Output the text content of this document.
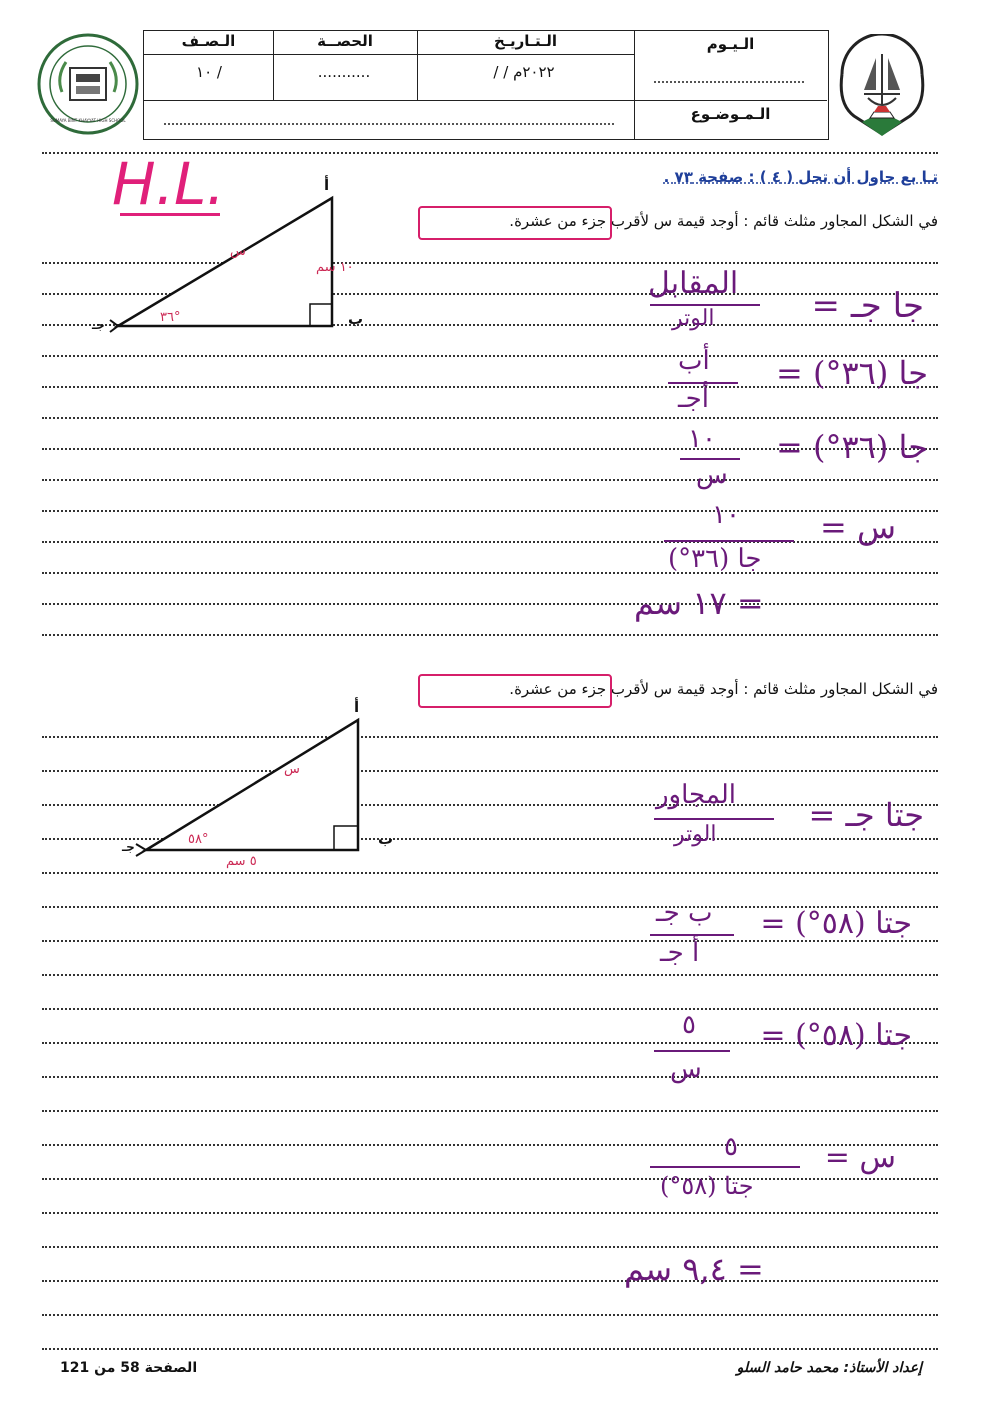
SUMAYA BINT KHAYYAT HIGH SCHOOL
الـصـف	الحصــة	الـتـاريـخ	الـيـوم
١٠ /	...........	/ / ٢٠٢٢م
الـمـوضـوع
H.L.	تـا بع حاول أن تحل ( ٤ ) : صفحة ٧٣ .
في الشكل المجاور مثلث قائم : أوجد قيمة س لأقرب جزء من عشرة.
أ
ب
جـ
س
١٠ سم
٣٦°	جا جـ =
المقابل
الوتر
جا (٣٦°) =
أب
أجـ
جا (٣٦°) =
١٠
س
س =
١٠
جا (٣٦°)
= ١٧ سم
في الشكل المجاور مثلث قائم : أوجد قيمة س لأقرب جزء من عشرة.
أ
ب
جـ
س
٥ سم
٥٨°
جتا جـ =
المجاور
الوتر
جتا (٥٨°) =
ب جـ
أ جـ
جتا (٥٨°) =
٥
س
س =
٥
جتا (٥٨°)
= ٩,٤ سم
الصفحة 58 من 121	إعداد الأستاذ: محمد حامد السلو
